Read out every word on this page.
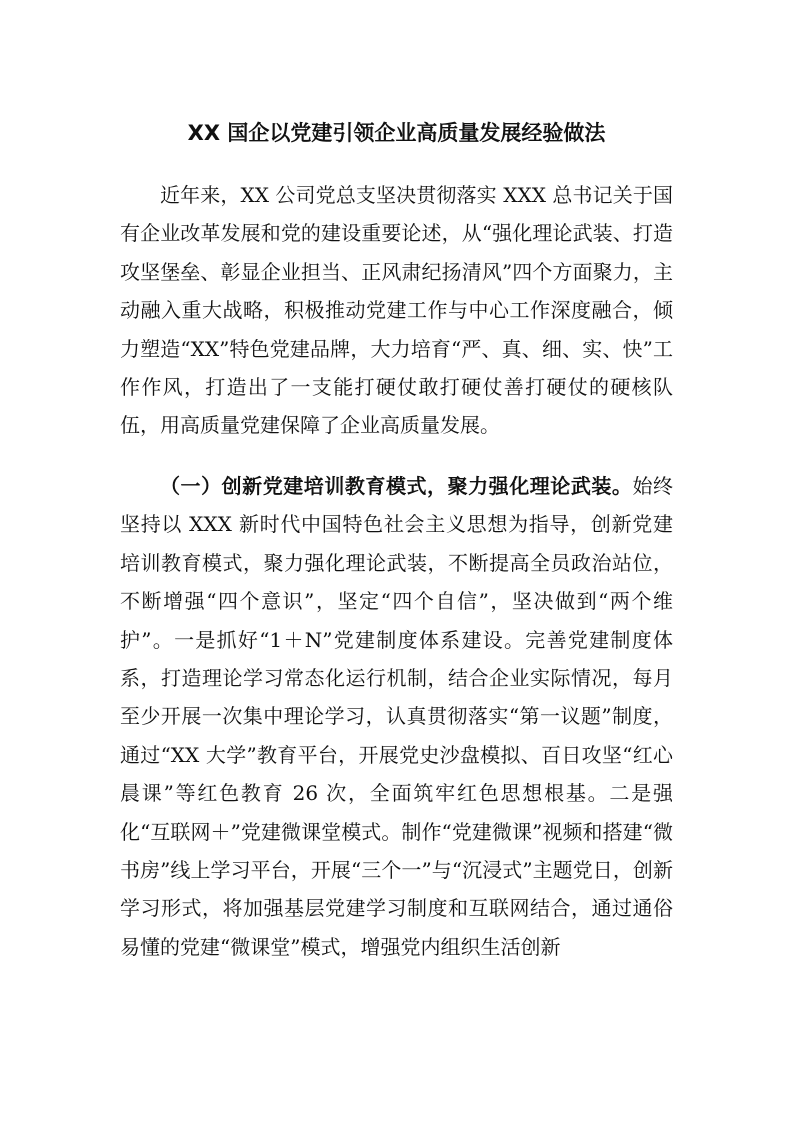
XX 国企以党建引领企业高质量发展经验做法

近年来，XX 公司党总支坚决贯彻落实 XXX 总书记关于国有企业改革发展和党的建设重要论述，从“强化理论武装、打造攻坚堡垒、彰显企业担当、正风肃纪扬清风”四个方面聚力，主动融入重大战略，积极推动党建工作与中心工作深度融合，倾力塑造“XX”特色党建品牌，大力培育“严、真、细、实、快”工作作风，打造出了一支能打硬仗敢打硬仗善打硬仗的硬核队伍，用高质量党建保障了企业高质量发展。

（一）创新党建培训教育模式，聚力强化理论武装。始终坚持以 XXX 新时代中国特色社会主义思想为指导，创新党建培训教育模式，聚力强化理论武装，不断提高全员政治站位，不断增强“四个意识”，坚定“四个自信”，坚决做到“两个维护”。一是抓好“1＋N”党建制度体系建设。完善党建制度体系，打造理论学习常态化运行机制，结合企业实际情况，每月至少开展一次集中理论学习，认真贯彻落实“第一议题”制度，通过“XX 大学”教育平台，开展党史沙盘模拟、百日攻坚“红心晨课”等红色教育 26 次，全面筑牢红色思想根基。二是强化“互联网＋”党建微课堂模式。制作“党建微课”视频和搭建“微书房”线上学习平台，开展“三个一”与“沉浸式”主题党日，创新学习形式，将加强基层党建学习制度和互联网结合，通过通俗易懂的党建“微课堂”模式，增强党内组织生活创新
